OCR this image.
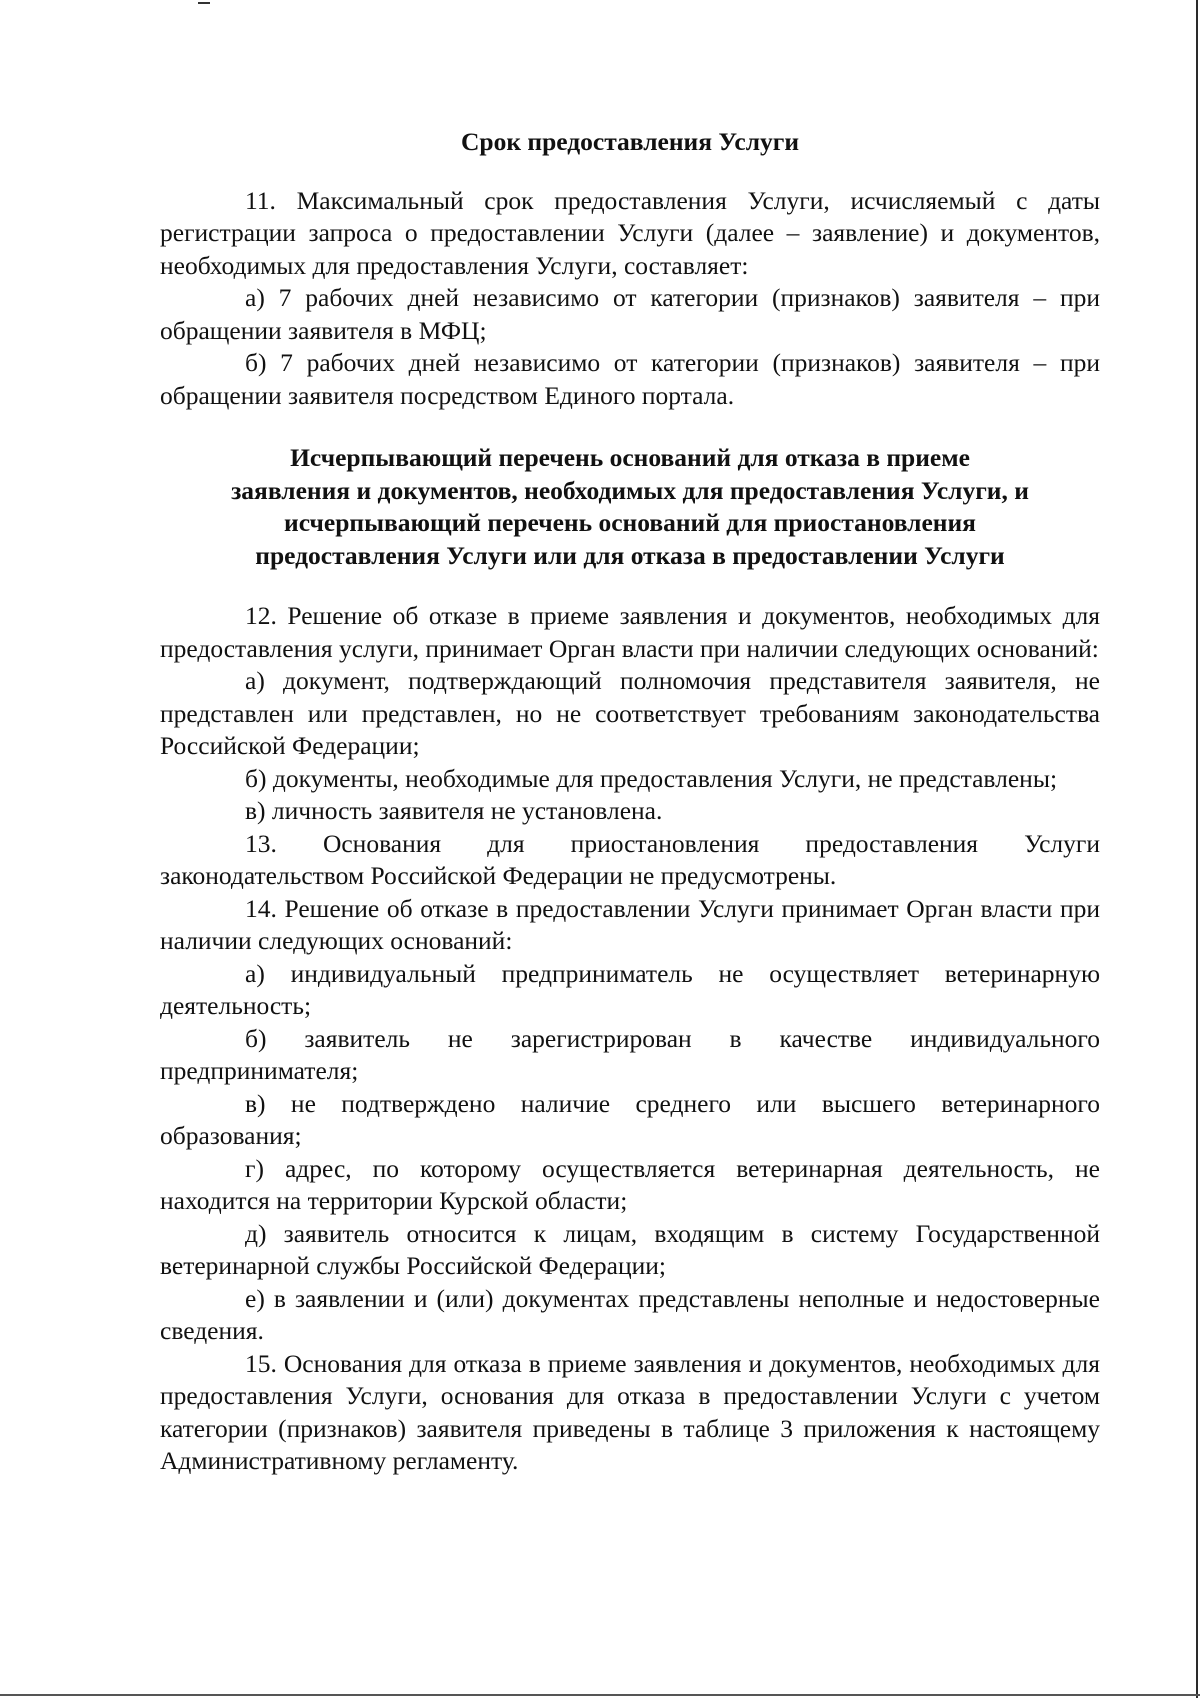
Срок предоставления Услуги

11. Максимальный срок предоставления Услуги, исчисляемый с даты регистрации запроса о предоставлении Услуги (далее – заявление) и документов, необходимых для предоставления Услуги, составляет:

а) 7 рабочих дней независимо от категории (признаков) заявителя – при обращении заявителя в МФЦ;

б) 7 рабочих дней независимо от категории (признаков) заявителя – при обращении заявителя посредством Единого портала.

Исчерпывающий перечень оснований для отказа в приеме
заявления и документов, необходимых для предоставления Услуги, и
исчерпывающий перечень оснований для приостановления
предоставления Услуги или для отказа в предоставлении Услуги

12. Решение об отказе в приеме заявления и документов, необходимых для предоставления услуги, принимает Орган власти при наличии следующих оснований:

а) документ, подтверждающий полномочия представителя заявителя, не представлен или представлен, но не соответствует требованиям законодательства Российской Федерации;

б) документы, необходимые для предоставления Услуги, не представлены;

в) личность заявителя не установлена.

13. Основания для приостановления предоставления Услуги законодательством Российской Федерации не предусмотрены.

14. Решение об отказе в предоставлении Услуги принимает Орган власти при наличии следующих оснований:

а) индивидуальный предприниматель не осуществляет ветеринарную деятельность;

б) заявитель не зарегистрирован в качестве индивидуального предпринимателя;

в) не подтверждено наличие среднего или высшего ветеринарного образования;

г) адрес, по которому осуществляется ветеринарная деятельность, не находится на территории Курской области;

д) заявитель относится к лицам, входящим в систему Государственной ветеринарной службы Российской Федерации;

е) в заявлении и (или) документах представлены неполные и недостоверные сведения.

15. Основания для отказа в приеме заявления и документов, необходимых для предоставления Услуги, основания для отказа в предоставлении Услуги с учетом категории (признаков) заявителя приведены в таблице 3 приложения к настоящему Административному регламенту.
